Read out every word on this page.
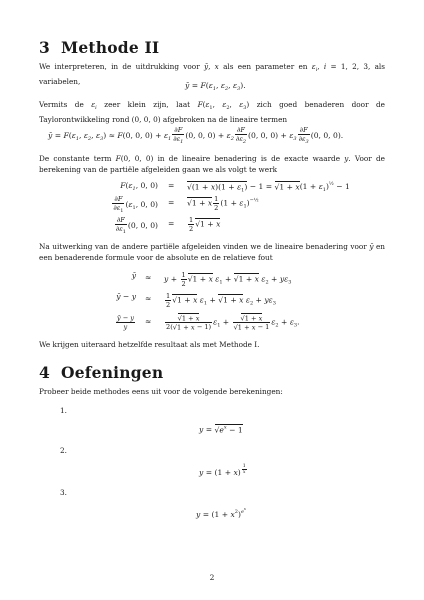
3 Methode II
We interpreteren, in de uitdrukking voor ȳ, x als een parameter en $\varepsilon_i$, i = 1, 2, 3, als variabelen,	ȳ = $F(\varepsilon_1$, $\varepsilon_2$, $\varepsilon_3$).
Vermits de $\varepsilon_i$ zeer klein zijn, laat $F(\varepsilon_1$, $\varepsilon_2$, $\varepsilon_3$) zich goed benaderen door de Taylorontwikkeling rond (0, 0, 0) afgebroken na de lineaire termen
ȳ = $F(\varepsilon_1$, $\varepsilon_2$, $\varepsilon_3) \approx F(0$, 0, $0) + \varepsilon_1 \frac{\partial F}{\partial\varepsilon_1} (0$, 0, $0) + \varepsilon_2 \frac{\partial F}{\partial\varepsilon_2} (0$, 0, $0) + \varepsilon_3 \frac{\partial F}{\partial\varepsilon_3} (0$, 0, 0).
De constante term F(0, 0, 0) in de lineaire benadering is de exacte waarde y. Voor de berekening van de partiële afgeleiden gaan we als volgt te werk
$F(\varepsilon_1$, 0, $0) = √(1 + x)(1 + \varepsilon_1) - 1 = √1 + x(1 + \varepsilon_1)^{\frac{1}{2}} - 1$
$\frac{\partial F}{\partial\varepsilon_1} (\varepsilon_1$, 0, 0) = √1 + x $\frac{1}{2} (1 + \varepsilon_1)^{-\frac{1}{2}}$
$\frac{\partial F}{\partial\varepsilon_1} (0$, 0, $0) = \frac{1}{2} √1 + x$
Na uitwerking van de andere partiële afgeleiden vinden we de lineaire benadering voor ȳ en een benaderende formule voor de absolute en de relatieve fout
ȳ ≈ $y + \frac{1}{2} √1 + x$ $\varepsilon_1 + √1 + x$ $\varepsilon_2 + y\varepsilon_3$
ȳ − $y \approx \frac{1}{2} √1 + x$ $\varepsilon_1 + √1 + x$ $\varepsilon_2 + y\varepsilon_3$
$\frac{ȳ - y}{y} \approx \frac{√1 + x}{2(√1 + x - 1)} \varepsilon_1 + \frac{√1 + x}{√1 + x - 1} \varepsilon_2 + \varepsilon_3$.
We krijgen uiteraard hetzelfde resultaat als met Methode I.
4 Oefeningen
Probeer beide methodes eens uit voor de volgende berekeningen:
1.
$y = √e^x - 1$
2.
y = (1 + x) $^{\frac{1}{x}}$
3.
$y = (1 + x^2)^{e^x}$
2
